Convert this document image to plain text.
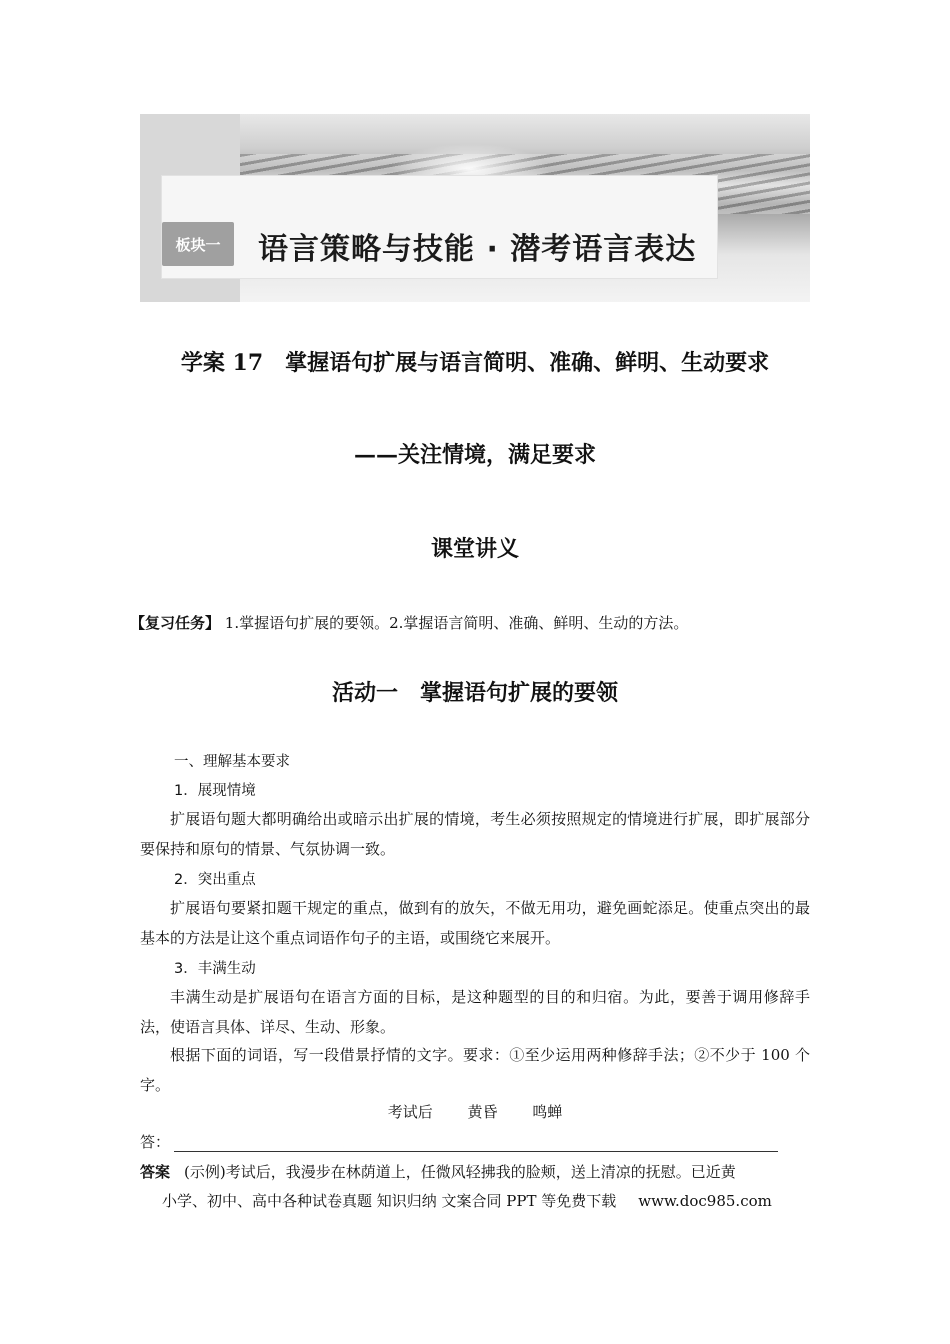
板块一	语言策略与技能 · 潜考语言表达
学案 17　掌握语句扩展与语言简明、准确、鲜明、生动要求
——关注情境，满足要求
课堂讲义
【复习任务】 1.掌握语句扩展的要领。2.掌握语言简明、准确、鲜明、生动的方法。
活动一　掌握语句扩展的要领
一、理解基本要求
1．展现情境
扩展语句题大都明确给出或暗示出扩展的情境，考生必须按照规定的情境进行扩展，即扩展部分要保持和原句的情景、气氛协调一致。
2．突出重点
扩展语句要紧扣题干规定的重点，做到有的放矢，不做无用功，避免画蛇添足。使重点突出的最基本的方法是让这个重点词语作句子的主语，或围绕它来展开。
3．丰满生动
丰满生动是扩展语句在语言方面的目标，是这种题型的目的和归宿。为此，要善于调用修辞手法，使语言具体、详尽、生动、形象。
根据下面的词语，写一段借景抒情的文字。要求：①至少运用两种修辞手法；②不少于 100 个字。
考试后 黄昏 鸣蝉
答：
答案 (示例)考试后，我漫步在林荫道上，任微风轻拂我的脸颊，送上清凉的抚慰。已近黄
小学、初中、高中各种试卷真题 知识归纳 文案合同 PPT 等免费下载 www.doc985.com
